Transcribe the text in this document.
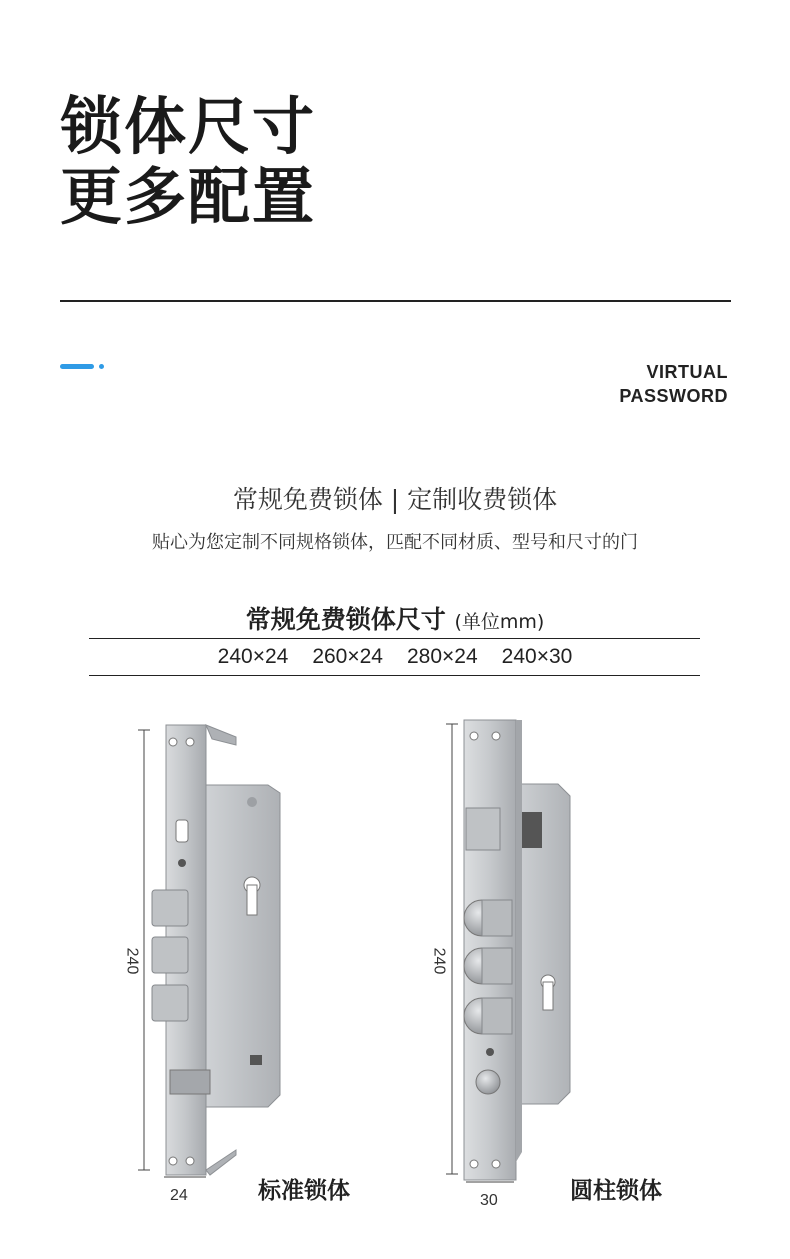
锁体尺寸
更多配置
VIRTUAL
PASSWORD
常规免费锁体 | 定制收费锁体
贴心为您定制不同规格锁体，匹配不同材质、型号和尺寸的门
常规免费锁体尺寸 (单位mm)
240×24 260×24 280×24 240×30
240
24	标准锁体
240
30	圆柱锁体
